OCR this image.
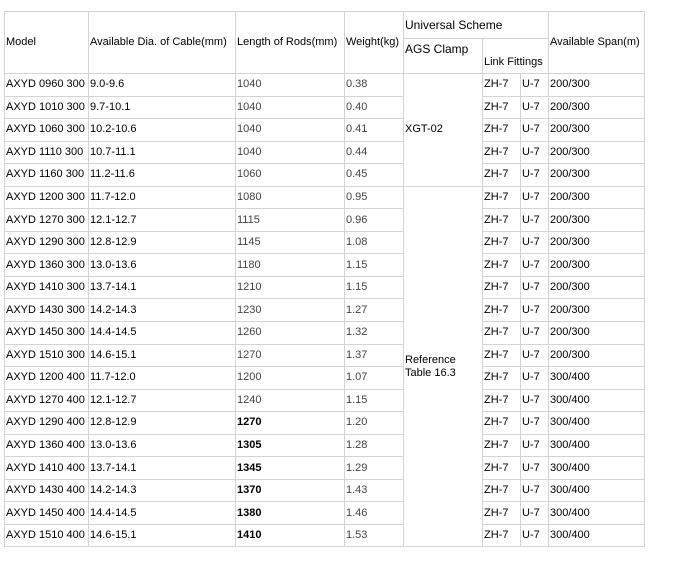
Model	Available Dia. of Cable(mm)	Length of Rods(mm)	Weight(kg)	Universal Scheme			Available Span(m)
				AGS Clamp	Link Fittings		
AXYD 0960 300	9.0-9.6	1040	0.38	XGT-02	ZH-7	U-7	200/300
AXYD 1010 300	9.7-10.1	1040	0.40		ZH-7	U-7	200/300
AXYD 1060 300	10.2-10.6	1040	0.41		ZH-7	U-7	200/300
AXYD 1110 300	10.7-11.1	1040	0.44		ZH-7	U-7	200/300
AXYD 1160 300	11.2-11.6	1060	0.45		ZH-7	U-7	200/300
AXYD 1200 300	11.7-12.0	1080	0.95	Reference Table 16.3	ZH-7	U-7	200/300
AXYD 1270 300	12.1-12.7	1115	0.96		ZH-7	U-7	200/300
AXYD 1290 300	12.8-12.9	1145	1.08		ZH-7	U-7	200/300
AXYD 1360 300	13.0-13.6	1180	1.15		ZH-7	U-7	200/300
AXYD 1410 300	13.7-14.1	1210	1.15		ZH-7	U-7	200/300
AXYD 1430 300	14.2-14.3	1230	1.27		ZH-7	U-7	200/300
AXYD 1450 300	14.4-14.5	1260	1.32		ZH-7	U-7	200/300
AXYD 1510 300	14.6-15.1	1270	1.37		ZH-7	U-7	200/300
AXYD 1200 400	11.7-12.0	1200	1.07		ZH-7	U-7	300/400
AXYD 1270 400	12.1-12.7	1240	1.15		ZH-7	U-7	300/400
AXYD 1290 400	12.8-12.9	1270	1.20		ZH-7	U-7	300/400
AXYD 1360 400	13.0-13.6	1305	1.28		ZH-7	U-7	300/400
AXYD 1410 400	13.7-14.1	1345	1.29		ZH-7	U-7	300/400
AXYD 1430 400	14.2-14.3	1370	1.43		ZH-7	U-7	300/400
AXYD 1450 400	14.4-14.5	1380	1.46		ZH-7	U-7	300/400
AXYD 1510 400	14.6-15.1	1410	1.53		ZH-7	U-7	300/400
